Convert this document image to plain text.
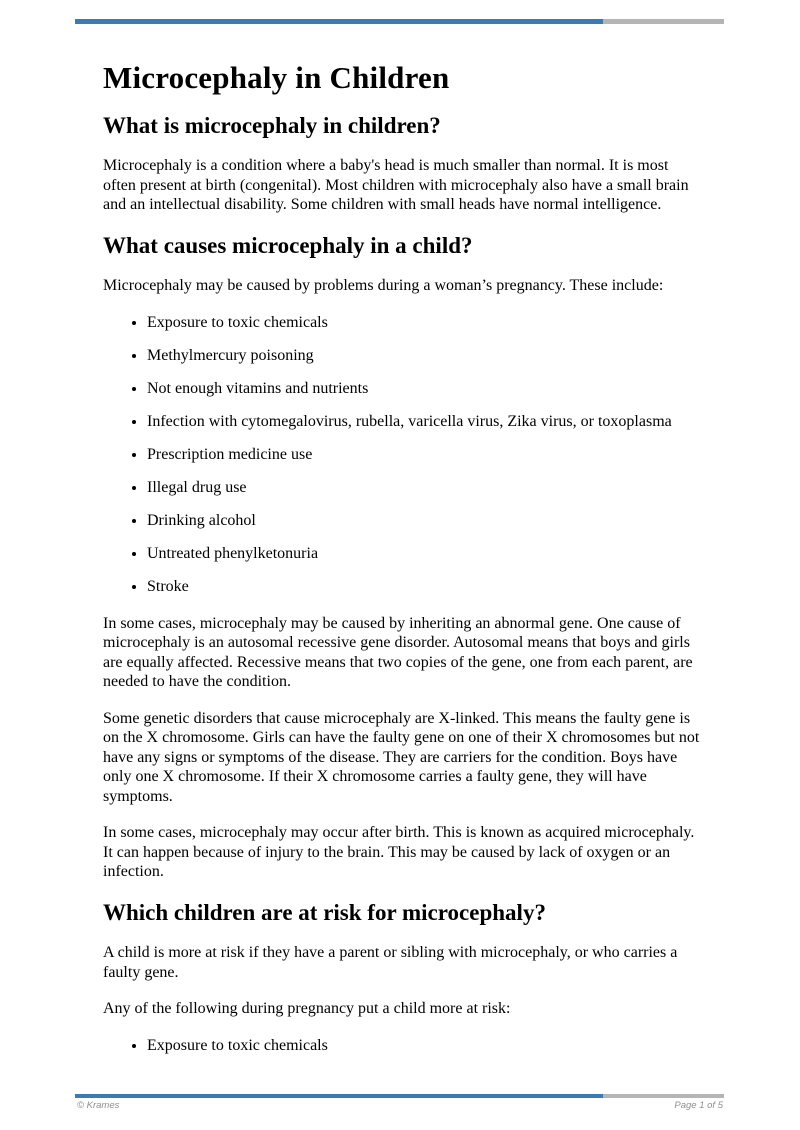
Microcephaly in Children
What is microcephaly in children?

Microcephaly is a condition where a baby's head is much smaller than normal. It is most often present at birth (congenital). Most children with microcephaly also have a small brain and an intellectual disability. Some children with small heads have normal intelligence.

What causes microcephaly in a child?

Microcephaly may be caused by problems during a woman’s pregnancy. These include:

• Exposure to toxic chemicals
• Methylmercury poisoning
• Not enough vitamins and nutrients
• Infection with cytomegalovirus, rubella, varicella virus, Zika virus, or toxoplasma
• Prescription medicine use
• Illegal drug use
• Drinking alcohol
• Untreated phenylketonuria
• Stroke

In some cases, microcephaly may be caused by inheriting an abnormal gene. One cause of microcephaly is an autosomal recessive gene disorder. Autosomal means that boys and girls are equally affected. Recessive means that two copies of the gene, one from each parent, are needed to have the condition.

Some genetic disorders that cause microcephaly are X-linked. This means the faulty gene is on the X chromosome. Girls can have the faulty gene on one of their X chromosomes but not have any signs or symptoms of the disease. They are carriers for the condition. Boys have only one X chromosome. If their X chromosome carries a faulty gene, they will have symptoms.

In some cases, microcephaly may occur after birth. This is known as acquired microcephaly. It can happen because of injury to the brain. This may be caused by lack of oxygen or an infection.

Which children are at risk for microcephaly?

A child is more at risk if they have a parent or sibling with microcephaly, or who carries a faulty gene.

Any of the following during pregnancy put a child more at risk:

• Exposure to toxic chemicals
© Krames	Page 1 of 5
